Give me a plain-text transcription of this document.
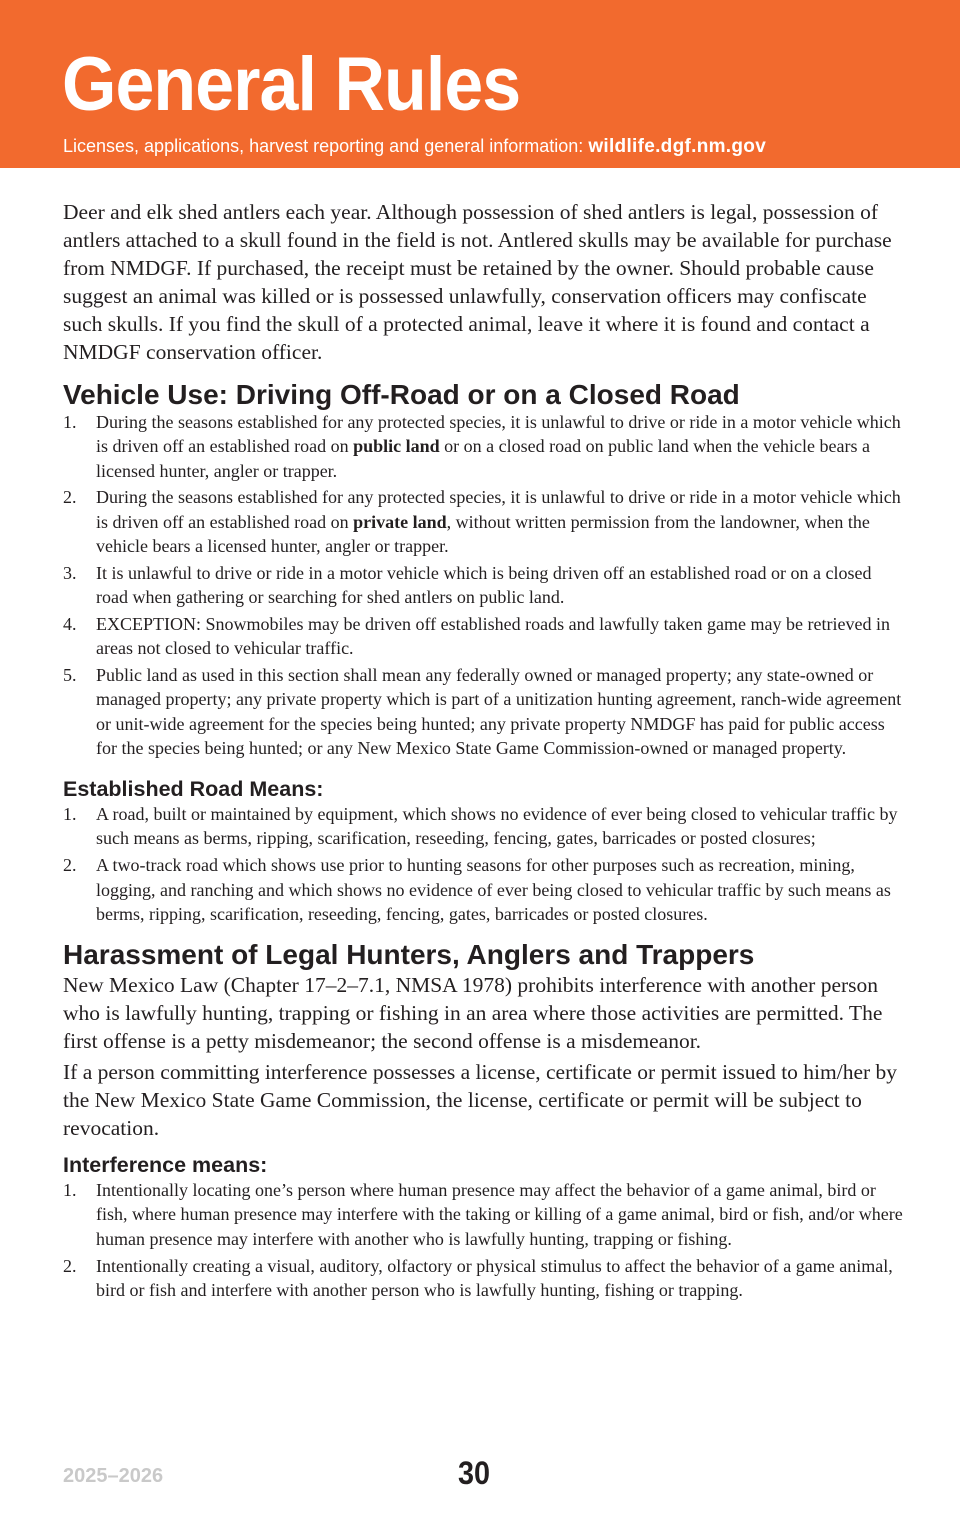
General Rules

Licenses, applications, harvest reporting and general information: wildlife.dgf.nm.gov

Deer and elk shed antlers each year. Although possession of shed antlers is legal, possession of antlers attached to a skull found in the field is not. Antlered skulls may be available for purchase from NMDGF. If purchased, the receipt must be retained by the owner. Should probable cause suggest an animal was killed or is possessed unlawfully, conservation officers may confiscate such skulls. If you find the skull of a protected animal, leave it where it is found and contact a NMDGF conservation officer.

Vehicle Use: Driving Off-Road or on a Closed Road
1. During the seasons established for any protected species, it is unlawful to drive or ride in a motor vehicle which is driven off an established road on public land or on a closed road on public land when the vehicle bears a licensed hunter, angler or trapper.
2. During the seasons established for any protected species, it is unlawful to drive or ride in a motor vehicle which is driven off an established road on private land, without written permission from the landowner, when the vehicle bears a licensed hunter, angler or trapper.
3. It is unlawful to drive or ride in a motor vehicle which is being driven off an established road or on a closed road when gathering or searching for shed antlers on public land.
4. EXCEPTION: Snowmobiles may be driven off established roads and lawfully taken game may be retrieved in areas not closed to vehicular traffic.
5. Public land as used in this section shall mean any federally owned or managed property; any state-owned or managed property; any private property which is part of a unitization hunting agreement, ranch-wide agreement or unit-wide agreement for the species being hunted; any private property NMDGF has paid for public access for the species being hunted; or any New Mexico State Game Commission-owned or managed property.
Established Road Means:
1. A road, built or maintained by equipment, which shows no evidence of ever being closed to vehicular traffic by such means as berms, ripping, scarification, reseeding, fencing, gates, barricades or posted closures;
2. A two-track road which shows use prior to hunting seasons for other purposes such as recreation, mining, logging, and ranching and which shows no evidence of ever being closed to vehicular traffic by such means as berms, ripping, scarification, reseeding, fencing, gates, barricades or posted closures.
Harassment of Legal Hunters, Anglers and Trappers

New Mexico Law (Chapter 17–2–7.1, NMSA 1978) prohibits interference with another person who is lawfully hunting, trapping or fishing in an area where those activities are permitted. The first offense is a petty misdemeanor; the second offense is a misdemeanor.

If a person committing interference possesses a license, certificate or permit issued to him/her by the New Mexico State Game Commission, the license, certificate or permit will be subject to revocation.

Interference means:
1. Intentionally locating one’s person where human presence may affect the behavior of a game animal, bird or fish, where human presence may interfere with the taking or killing of a game animal, bird or fish, and/or where human presence may interfere with another who is lawfully hunting, trapping or fishing.
2. Intentionally creating a visual, auditory, olfactory or physical stimulus to affect the behavior of a game animal, bird or fish and interfere with another person who is lawfully hunting, fishing or trapping.

2025–2026	30
